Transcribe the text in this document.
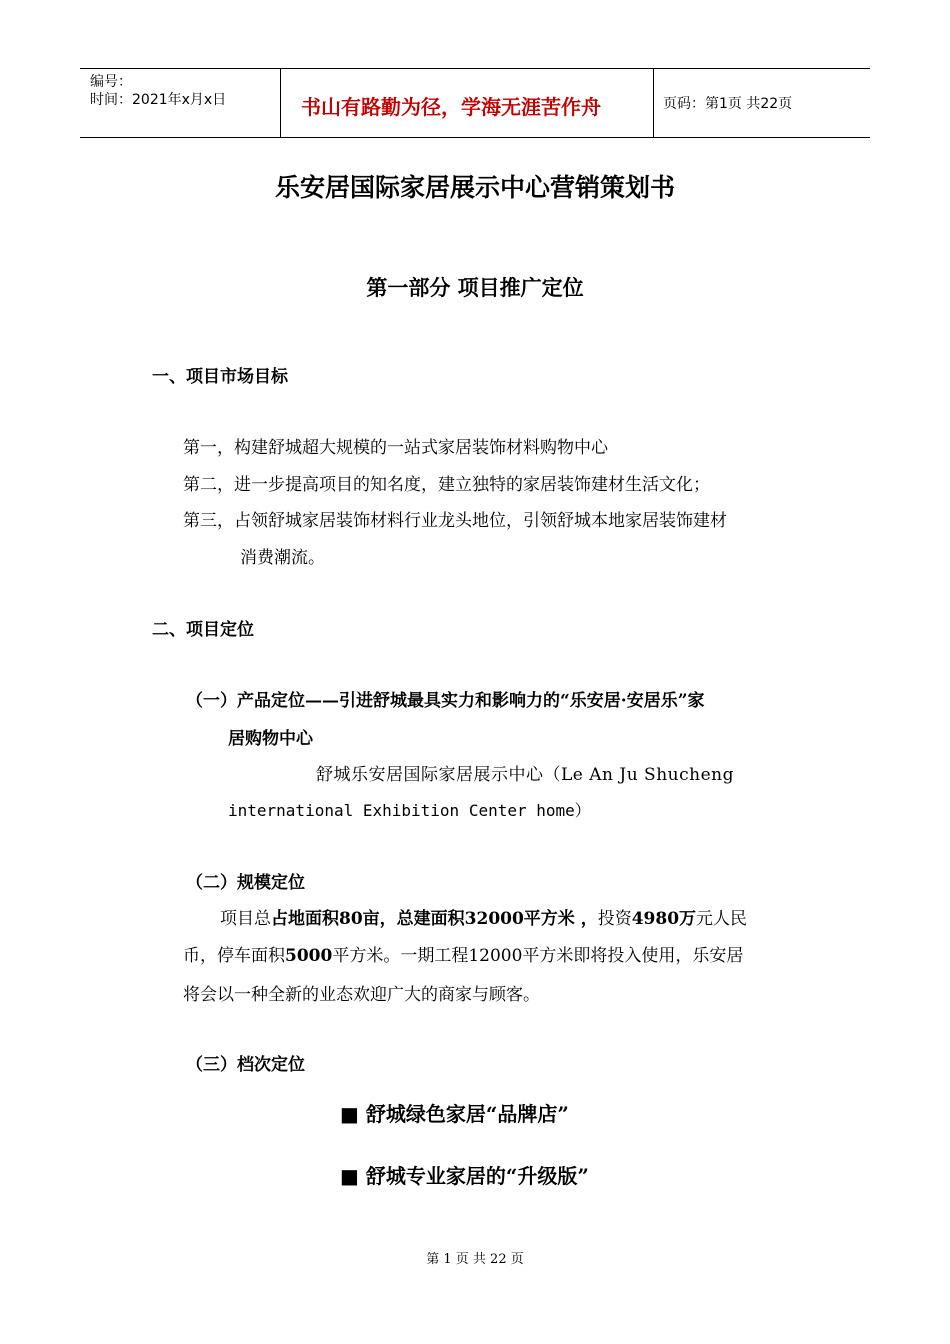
编号：
时间：2021年x月x日	书山有路勤为径，学海无涯苦作舟	页码：第1页 共22页
乐安居国际家居展示中心营销策划书
第一部分 项目推广定位
一、项目市场目标
第一，构建舒城超大规模的一站式家居装饰材料购物中心
第二，进一步提高项目的知名度，建立独特的家居装饰建材生活文化；
第三，占领舒城家居装饰材料行业龙头地位，引领舒城本地家居装饰建材
消费潮流。
二、项目定位
（一）产品定位——引进舒城最具实力和影响力的“乐安居·安居乐”家
居购物中心
舒城乐安居国际家居展示中心（Le An Ju Shucheng
international Exhibition Center home）
（二）规模定位
项目总占地面积80亩，总建面积32000平方米 ，投资4980万元人民
币，停车面积5000平方米。一期工程12000平方米即将投入使用，乐安居
将会以一种全新的业态欢迎广大的商家与顾客。
（三）档次定位
■ 舒城绿色家居“品牌店”
■ 舒城专业家居的“升级版”
第 1 页 共 22 页
